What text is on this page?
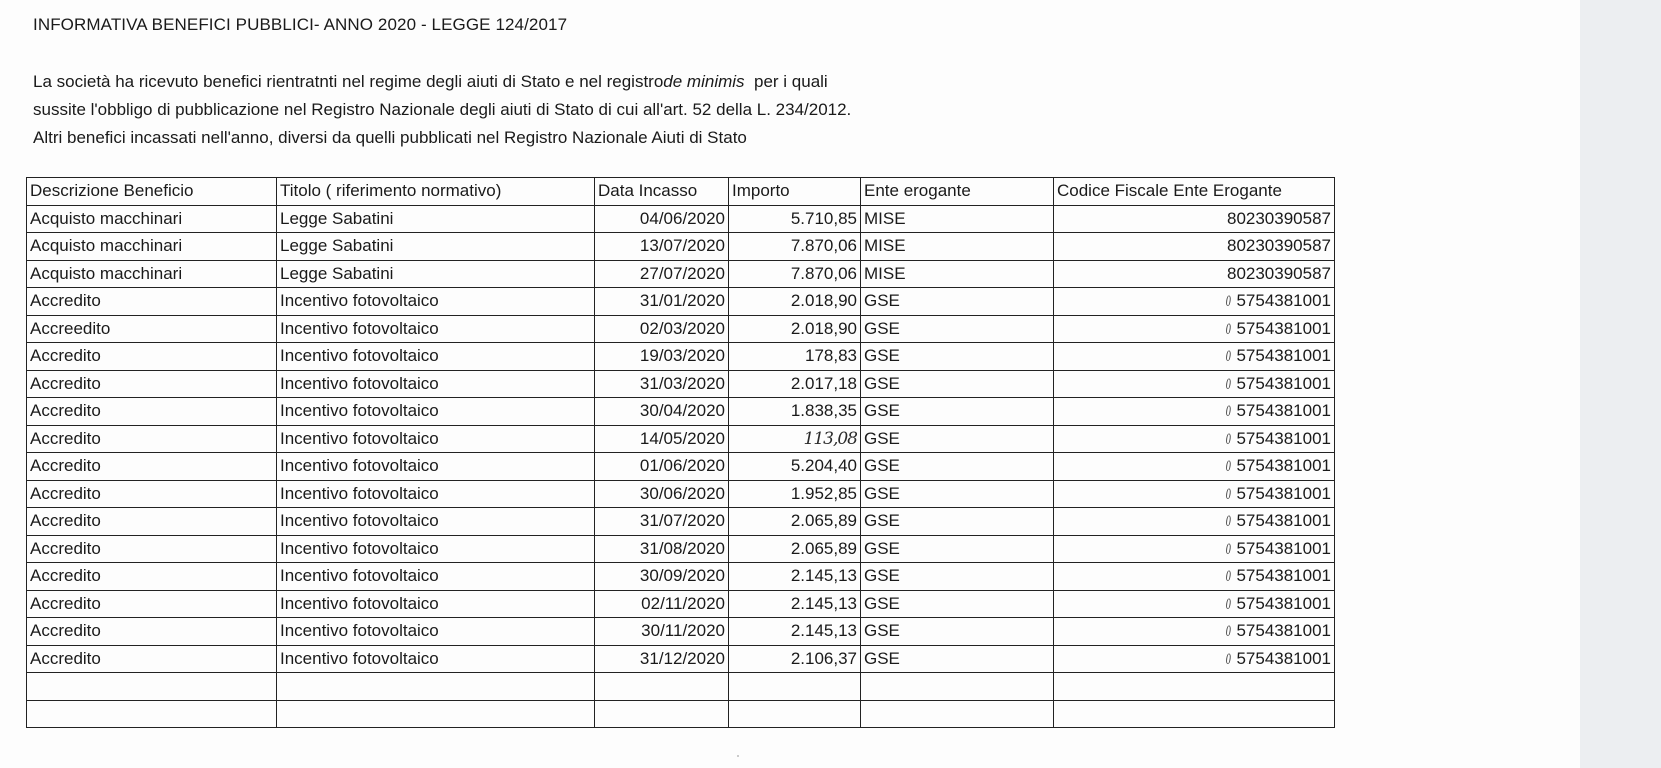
INFORMATIVA BENEFICI PUBBLICI- ANNO 2020 - LEGGE 124/2017
La società ha ricevuto benefici rientratnti nel regime degli aiuti di Stato e nel registrode minimis  per i quali
sussite l'obbligo di pubblicazione nel Registro Nazionale degli aiuti di Stato di cui all'art. 52 della L. 234/2012.
Altri benefici incassati nell'anno, diversi da quelli pubblicati nel Registro Nazionale Aiuti di Stato
Descrizione Beneficio	Titolo ( riferimento normativo)	Data Incasso	Importo	Ente erogante	Codice Fiscale Ente Erogante
Acquisto macchinari	Legge Sabatini	04/06/2020	5.710,85	MISE	80230390587
Acquisto macchinari	Legge Sabatini	13/07/2020	7.870,06	MISE	80230390587
Acquisto macchinari	Legge Sabatini	27/07/2020	7.870,06	MISE	80230390587
Accredito	Incentivo fotovoltaico	31/01/2020	2.018,90	GSE	0 5754381001
Accreedito	Incentivo fotovoltaico	02/03/2020	2.018,90	GSE	0 5754381001
Accredito	Incentivo fotovoltaico	19/03/2020	178,83	GSE	0 5754381001
Accredito	Incentivo fotovoltaico	31/03/2020	2.017,18	GSE	0 5754381001
Accredito	Incentivo fotovoltaico	30/04/2020	1.838,35	GSE	0 5754381001
Accredito	Incentivo fotovoltaico	14/05/2020	113,08	GSE	0 5754381001
Accredito	Incentivo fotovoltaico	01/06/2020	5.204,40	GSE	0 5754381001
Accredito	Incentivo fotovoltaico	30/06/2020	1.952,85	GSE	0 5754381001
Accredito	Incentivo fotovoltaico	31/07/2020	2.065,89	GSE	0 5754381001
Accredito	Incentivo fotovoltaico	31/08/2020	2.065,89	GSE	0 5754381001
Accredito	Incentivo fotovoltaico	30/09/2020	2.145,13	GSE	0 5754381001
Accredito	Incentivo fotovoltaico	02/11/2020	2.145,13	GSE	0 5754381001
Accredito	Incentivo fotovoltaico	30/11/2020	2.145,13	GSE	0 5754381001
Accredito	Incentivo fotovoltaico	31/12/2020	2.106,37	GSE	0 5754381001
